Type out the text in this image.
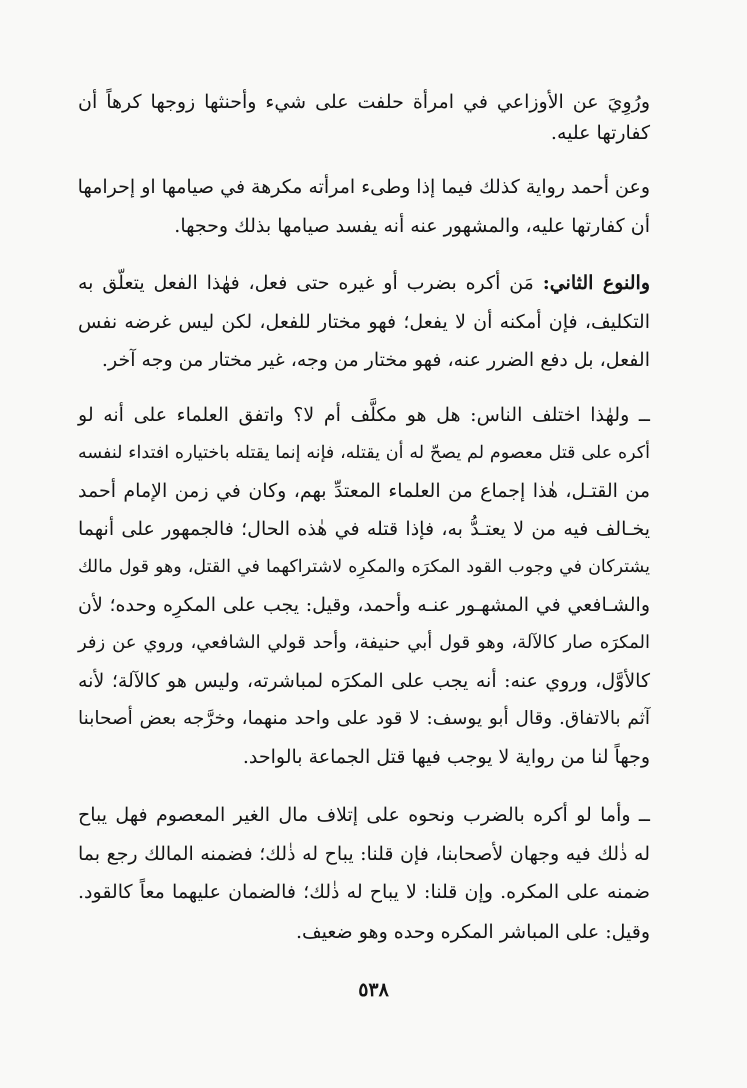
ورُوِيَ عن الأوزاعي في امرأة حلفت على شيء وأحنثها زوجها كرهاً أن
كفارتها عليه.
وعن أحمد رواية كذلك فيما إذا وطىء امرأته مكرهة في صيامها او إحرامها
أن كفارتها عليه، والمشهور عنه أنه يفسد صيامها بذلك وحجها.
والنوع الثاني: مَن أكره بضرب أو غيره حتى فعل، فهٰذا الفعل يتعلّق به
التكليف، فإن أمكنه أن لا يفعل؛ فهو مختار للفعل، لكن ليس غرضه نفس
الفعل، بل دفع الضرر عنه، فهو مختار من وجه، غير مختار من وجه آخر.
ــ ولهٰذا اختلف الناس: هل هو مكلَّف أم لا؟ واتفق العلماء على أنه لو
أكره على قتل معصوم لم يصحّ له أن يقتله، فإنه إنما يقتله باختياره افتداء لنفسه
من القتـل، هٰذا إجماع من العلماء المعتدِّ بهم، وكان في زمن الإمام أحمد
يخـالف فيه من لا يعتـدُّ به، فإذا قتله في هٰذه الحال؛ فالجمهور على أنهما
يشتركان في وجوب القود المكرَه والمكرِه لاشتراكهما في القتل، وهو قول مالك
والشـافعي في المشهـور عنـه وأحمد، وقيل: يجب على المكرِه وحده؛ لأن
المكرَه صار كالآلة، وهو قول أبي حنيفة، وأحد قولي الشافعي، وروي عن زفر
كالأوَّل، وروي عنه: أنه يجب على المكرَه لمباشرته، وليس هو كالآلة؛ لأنه
آثم بالاتفاق. وقال أبو يوسف: لا قود على واحد منهما، وخرَّجه بعض أصحابنا
وجهاً لنا من رواية لا يوجب فيها قتل الجماعة بالواحد.
ــ وأما لو أكره بالضرب ونحوه على إتلاف مال الغير المعصوم فهل يباح
له ذٰلك فيه وجهان لأصحابنا، فإن قلنا: يباح له ذٰلك؛ فضمنه المالك رجع بما
ضمنه على المكره. وإن قلنا: لا يباح له ذٰلك؛ فالضمان عليهما معاً كالقود.
وقيل: على المباشر المكره وحده وهو ضعيف.
٥٣٨
